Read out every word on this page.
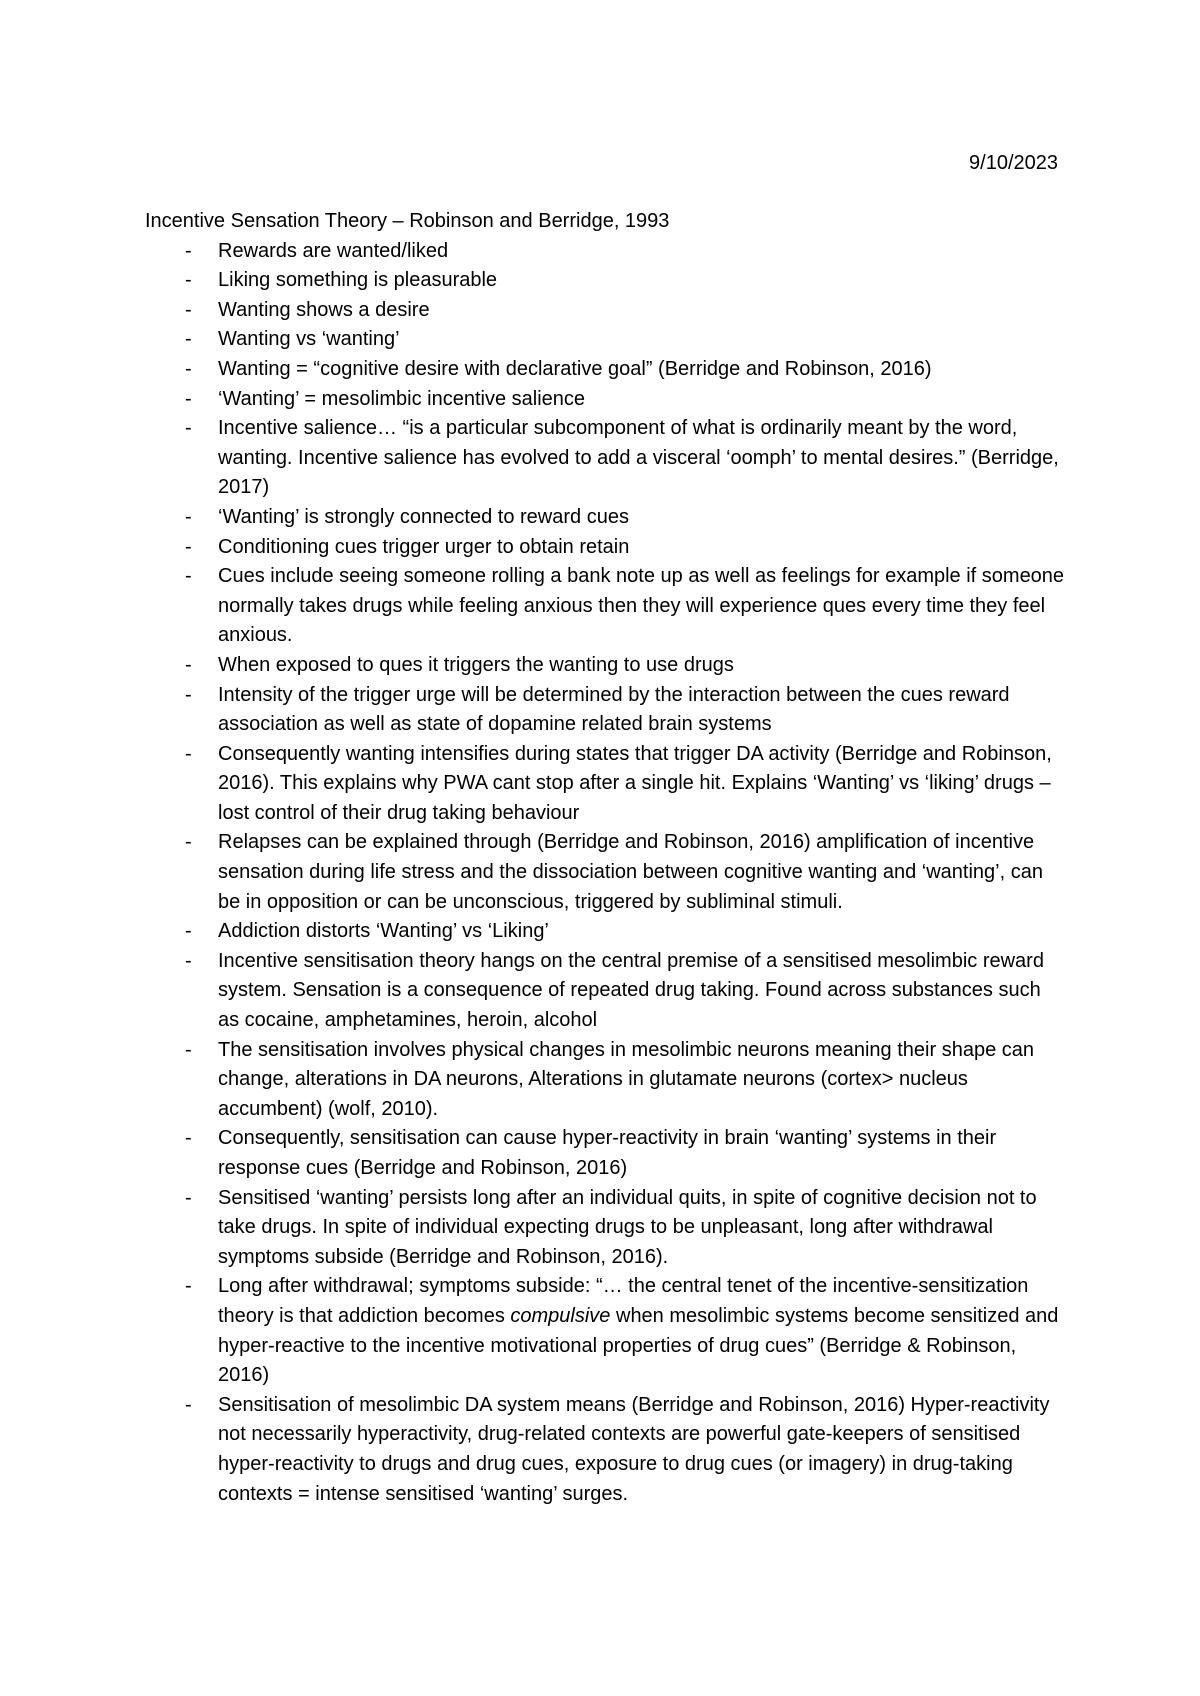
9/10/2023

Incentive Sensation Theory – Robinson and Berridge, 1993

- Rewards are wanted/liked
- Liking something is pleasurable
- Wanting shows a desire
- Wanting vs ‘wanting’
- Wanting = “cognitive desire with declarative goal” (Berridge and Robinson, 2016)
- ‘Wanting’ = mesolimbic incentive salience
- Incentive salience… “is a particular subcomponent of what is ordinarily meant by the word, wanting. Incentive salience has evolved to add a visceral ‘oomph’ to mental desires.” (Berridge, 2017)
- ‘Wanting’ is strongly connected to reward cues
- Conditioning cues trigger urger to obtain retain
- Cues include seeing someone rolling a bank note up as well as feelings for example if someone normally takes drugs while feeling anxious then they will experience ques every time they feel anxious.
- When exposed to ques it triggers the wanting to use drugs
- Intensity of the trigger urge will be determined by the interaction between the cues reward association as well as state of dopamine related brain systems
- Consequently wanting intensifies during states that trigger DA activity (Berridge and Robinson, 2016). This explains why PWA cant stop after a single hit. Explains ‘Wanting’ vs ‘liking’ drugs – lost control of their drug taking behaviour
- Relapses can be explained through (Berridge and Robinson, 2016) amplification of incentive sensation during life stress and the dissociation between cognitive wanting and ‘wanting’, can be in opposition or can be unconscious, triggered by subliminal stimuli.
- Addiction distorts ‘Wanting’ vs ‘Liking’
- Incentive sensitisation theory hangs on the central premise of a sensitised mesolimbic reward system. Sensation is a consequence of repeated drug taking. Found across substances such as cocaine, amphetamines, heroin, alcohol
- The sensitisation involves physical changes in mesolimbic neurons meaning their shape can change, alterations in DA neurons, Alterations in glutamate neurons (cortex> nucleus accumbent) (wolf, 2010).
- Consequently, sensitisation can cause hyper-reactivity in brain ‘wanting’ systems in their response cues (Berridge and Robinson, 2016)
- Sensitised ‘wanting’ persists long after an individual quits, in spite of cognitive decision not to take drugs. In spite of individual expecting drugs to be unpleasant, long after withdrawal symptoms subside (Berridge and Robinson, 2016).
- Long after withdrawal; symptoms subside: “… the central tenet of the incentive-sensitization theory is that addiction becomes compulsive when mesolimbic systems become sensitized and hyper-reactive to the incentive motivational properties of drug cues” (Berridge & Robinson, 2016)
- Sensitisation of mesolimbic DA system means (Berridge and Robinson, 2016) Hyper-reactivity not necessarily hyperactivity, drug-related contexts are powerful gate-keepers of sensitised hyper-reactivity to drugs and drug cues, exposure to drug cues (or imagery) in drug-taking contexts = intense sensitised ‘wanting’ surges.
